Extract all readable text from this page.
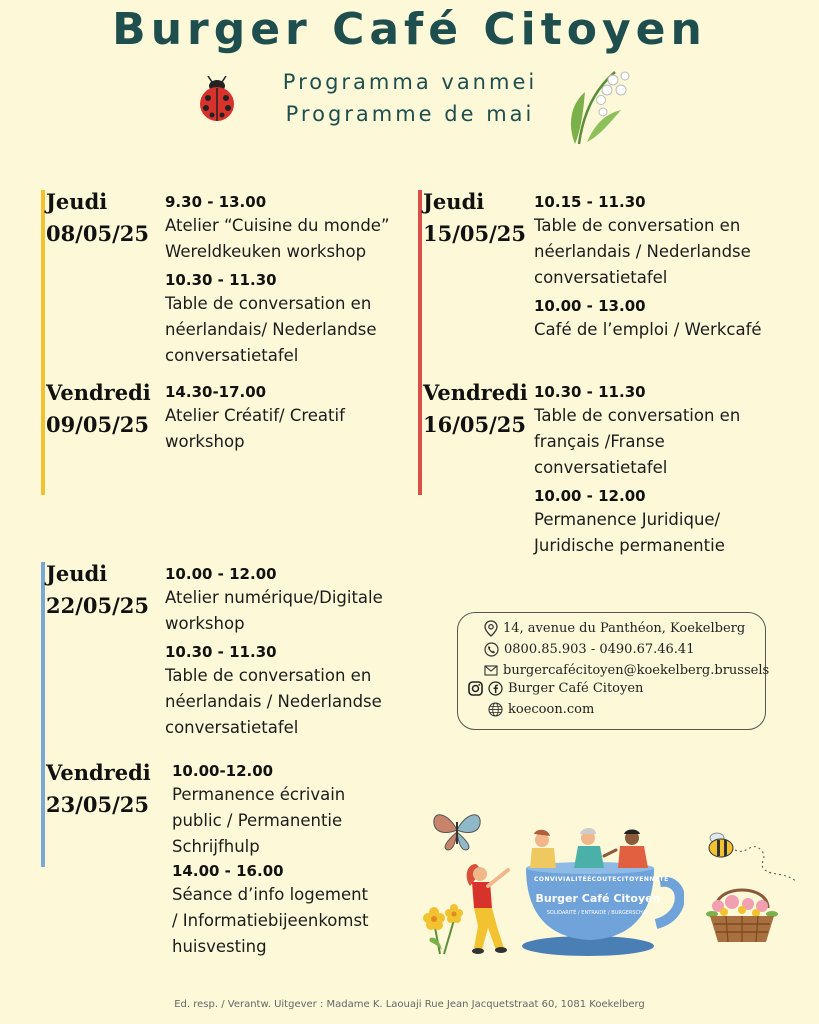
Burger Café Citoyen
Programma vanmei
Programme de mai
Jeudi
08/05/25
9.30 - 13.00
Atelier “Cuisine du monde”
Wereldkeuken workshop
10.30 - 11.30
Table de conversation en
néerlandais/ Nederlandse
conversatietafel
Vendredi
09/05/25
14.30-17.00
Atelier Créatif/ Creatif
workshop
Jeudi
15/05/25
10.15 - 11.30
Table de conversation en
néerlandais / Nederlandse
conversatietafel
10.00 - 13.00
Café de l’emploi / Werkcafé
Vendredi
16/05/25
10.30 - 11.30
Table de conversation en
français /Franse
conversatietafel
10.00 - 12.00
Permanence Juridique/
Juridische permanentie
Jeudi
22/05/25
10.00 - 12.00
Atelier numérique/Digitale
workshop
10.30 - 11.30
Table de conversation en
néerlandais / Nederlandse
conversatietafel
Vendredi
23/05/25
10.00-12.00
Permanence écrivain
public / Permanentie
Schrijfhulp
14.00 - 16.00
Séance d’info logement
/ Informatiebijeenkomst
huisvesting
14, avenue du Panthéon, Koekelberg
0800.85.903 - 0490.67.46.41
burgercafécitoyen@koekelberg.brussels
Burger Café Citoyen
koecoon.com
CONVIVIALITÉ ÉCOUTE CITOYENNETÉ
Burger Café Citoyen
SOLIDARITÉ / ENTRAIDE / BURGERSCHAP
Ed. resp. / Verantw. Uitgever : Madame K. Laouaji Rue Jean Jacquetstraat 60, 1081 Koekelberg
